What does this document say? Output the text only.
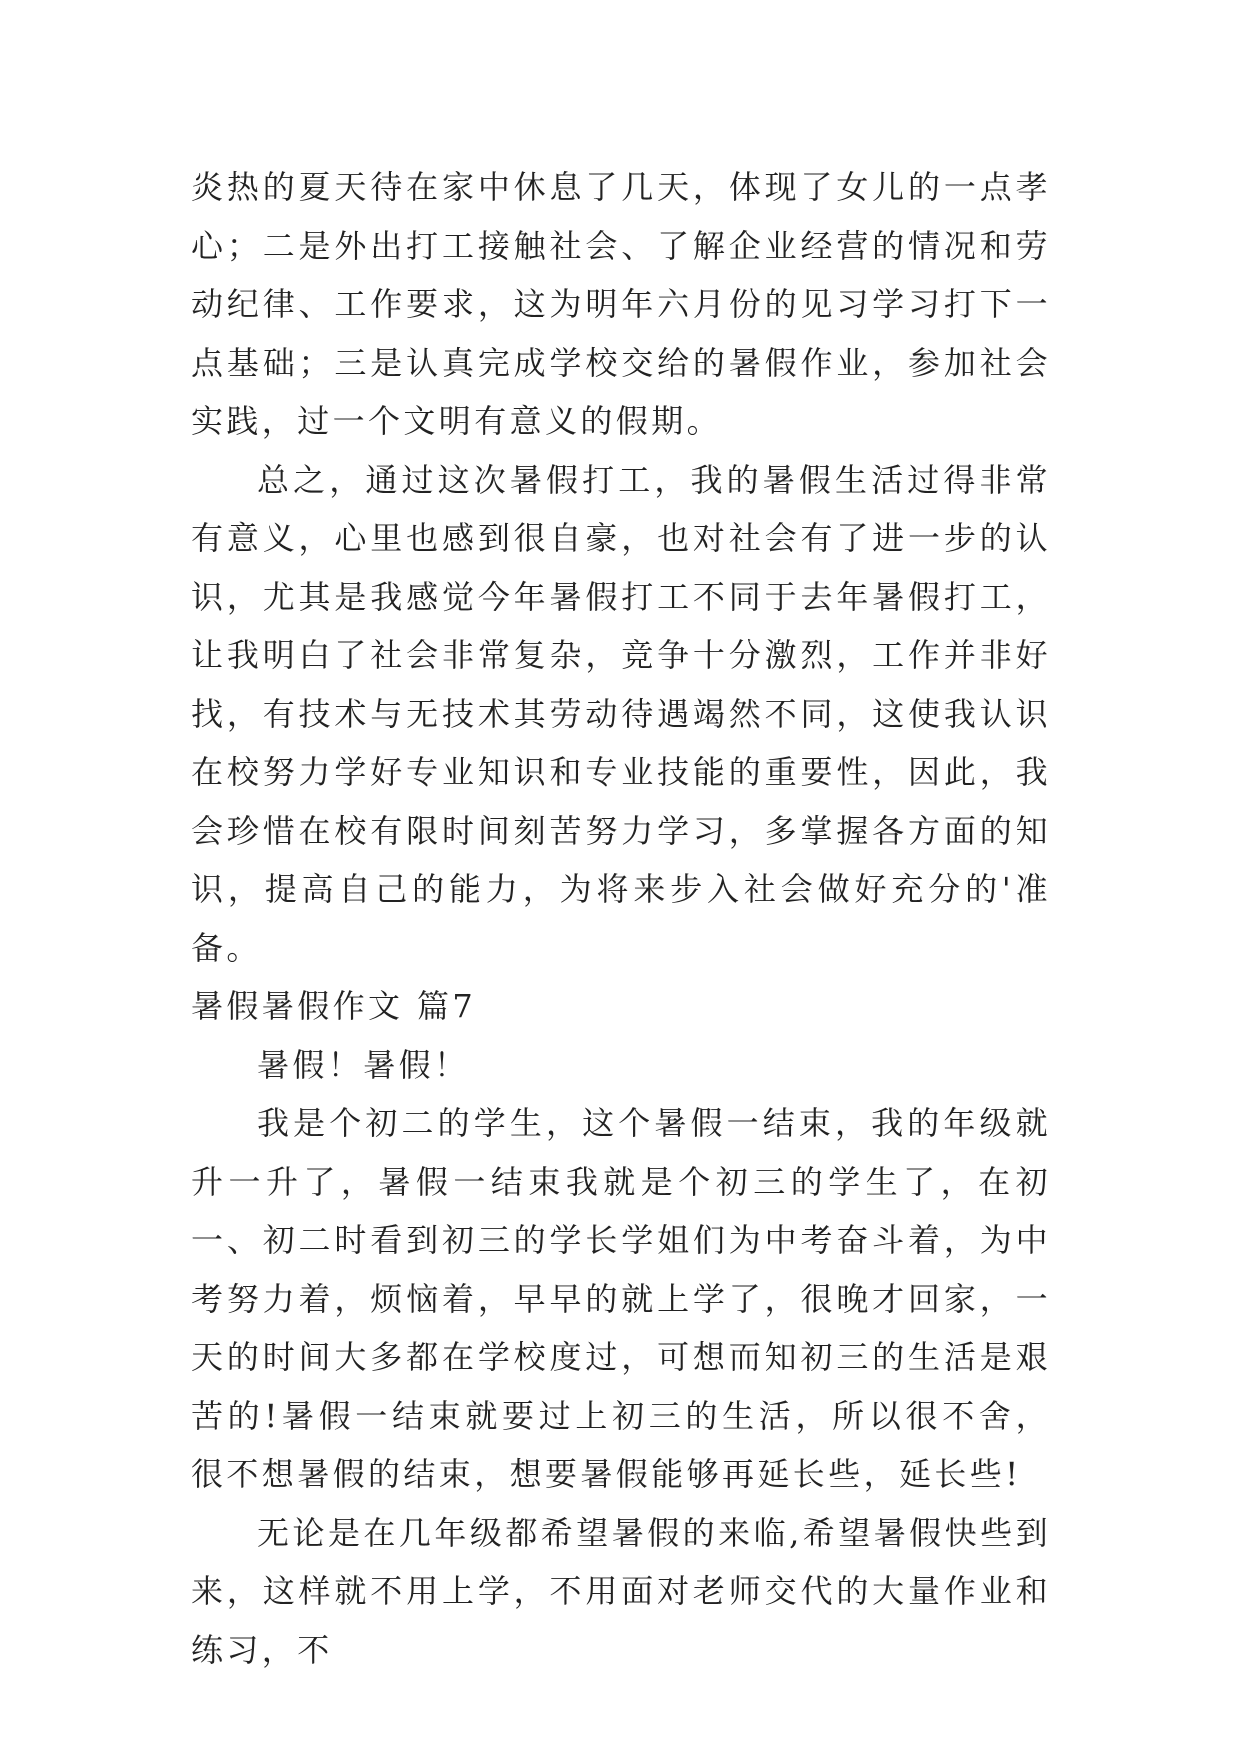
炎热的夏天待在家中休息了几天，体现了女儿的一点孝心；二是外出打工接触社会、了解企业经营的情况和劳动纪律、工作要求，这为明年六月份的见习学习打下一点基础；三是认真完成学校交给的暑假作业，参加社会实践，过一个文明有意义的假期。

总之，通过这次暑假打工，我的暑假生活过得非常有意义，心里也感到很自豪，也对社会有了进一步的认识，尤其是我感觉今年暑假打工不同于去年暑假打工，让我明白了社会非常复杂，竞争十分激烈，工作并非好找，有技术与无技术其劳动待遇竭然不同，这使我认识在校努力学好专业知识和专业技能的重要性，因此，我会珍惜在校有限时间刻苦努力学习，多掌握各方面的知识，提高自己的能力，为将来步入社会做好充分的'准备。

暑假暑假作文 篇7

暑假！暑假！

我是个初二的学生，这个暑假一结束，我的年级就升一升了，暑假一结束我就是个初三的学生了，在初一、初二时看到初三的学长学姐们为中考奋斗着，为中考努力着，烦恼着，早早的就上学了，很晚才回家，一天的时间大多都在学校度过，可想而知初三的生活是艰苦的!暑假一结束就要过上初三的生活，所以很不舍，很不想暑假的结束，想要暑假能够再延长些，延长些!

无论是在几年级都希望暑假的来临,希望暑假快些到来，这样就不用上学，不用面对老师交代的大量作业和练习，不
